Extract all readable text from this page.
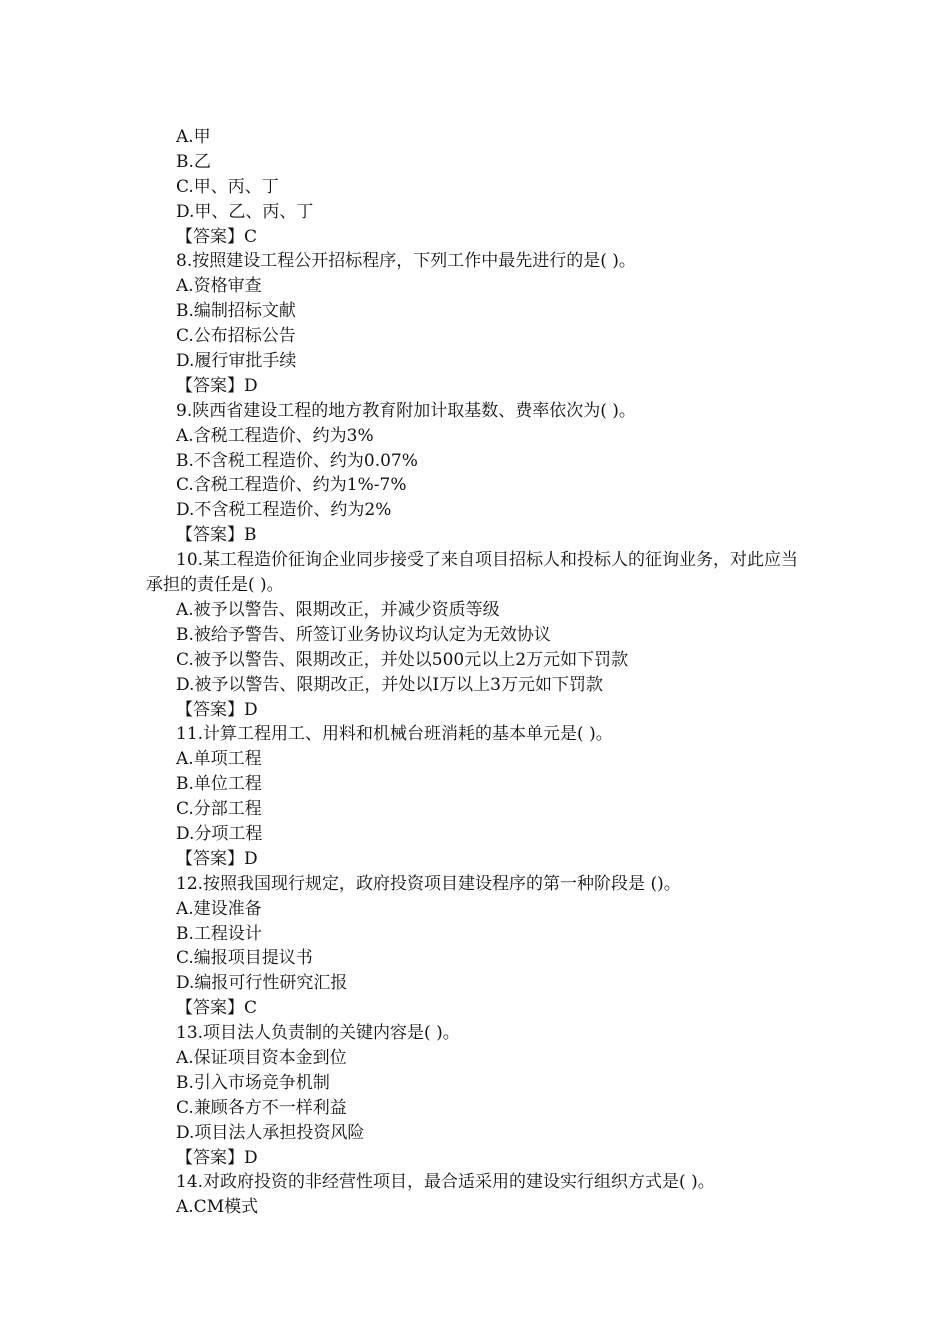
A.甲
B.乙
C.甲、丙、丁
D.甲、乙、丙、丁
【答案】C
8.按照建设工程公开招标程序，下列工作中最先进行的是( )。
A.资格审查
B.编制招标文献
C.公布招标公告
D.履行审批手续
【答案】D
9.陕西省建设工程的地方教育附加计取基数、费率依次为( )。
A.含税工程造价、约为3%
B.不含税工程造价、约为0.07%
C.含税工程造价、约为1%-7%
D.不含税工程造价、约为2%
【答案】B
10.某工程造价征询企业同步接受了来自项目招标人和投标人的征询业务，对此应当承担的责任是( )。
A.被予以警告、限期改正，并减少资质等级
B.被给予警告、所签订业务协议均认定为无效协议
C.被予以警告、限期改正，并处以500元以上2万元如下罚款
D.被予以警告、限期改正，并处以I万以上3万元如下罚款
【答案】D
11.计算工程用工、用料和机械台班消耗的基本单元是( )。
A.单项工程
B.单位工程
C.分部工程
D.分项工程
【答案】D
12.按照我国现行规定，政府投资项目建设程序的第一种阶段是 ()。
A.建设准备
B.工程设计
C.编报项目提议书
D.编报可行性研究汇报
【答案】C
13.项目法人负责制的关键内容是( )。
A.保证项目资本金到位
B.引入市场竞争机制
C.兼顾各方不一样利益
D.项目法人承担投资风险
【答案】D
14.对政府投资的非经营性项目，最合适采用的建设实行组织方式是( )。
A.CM模式
